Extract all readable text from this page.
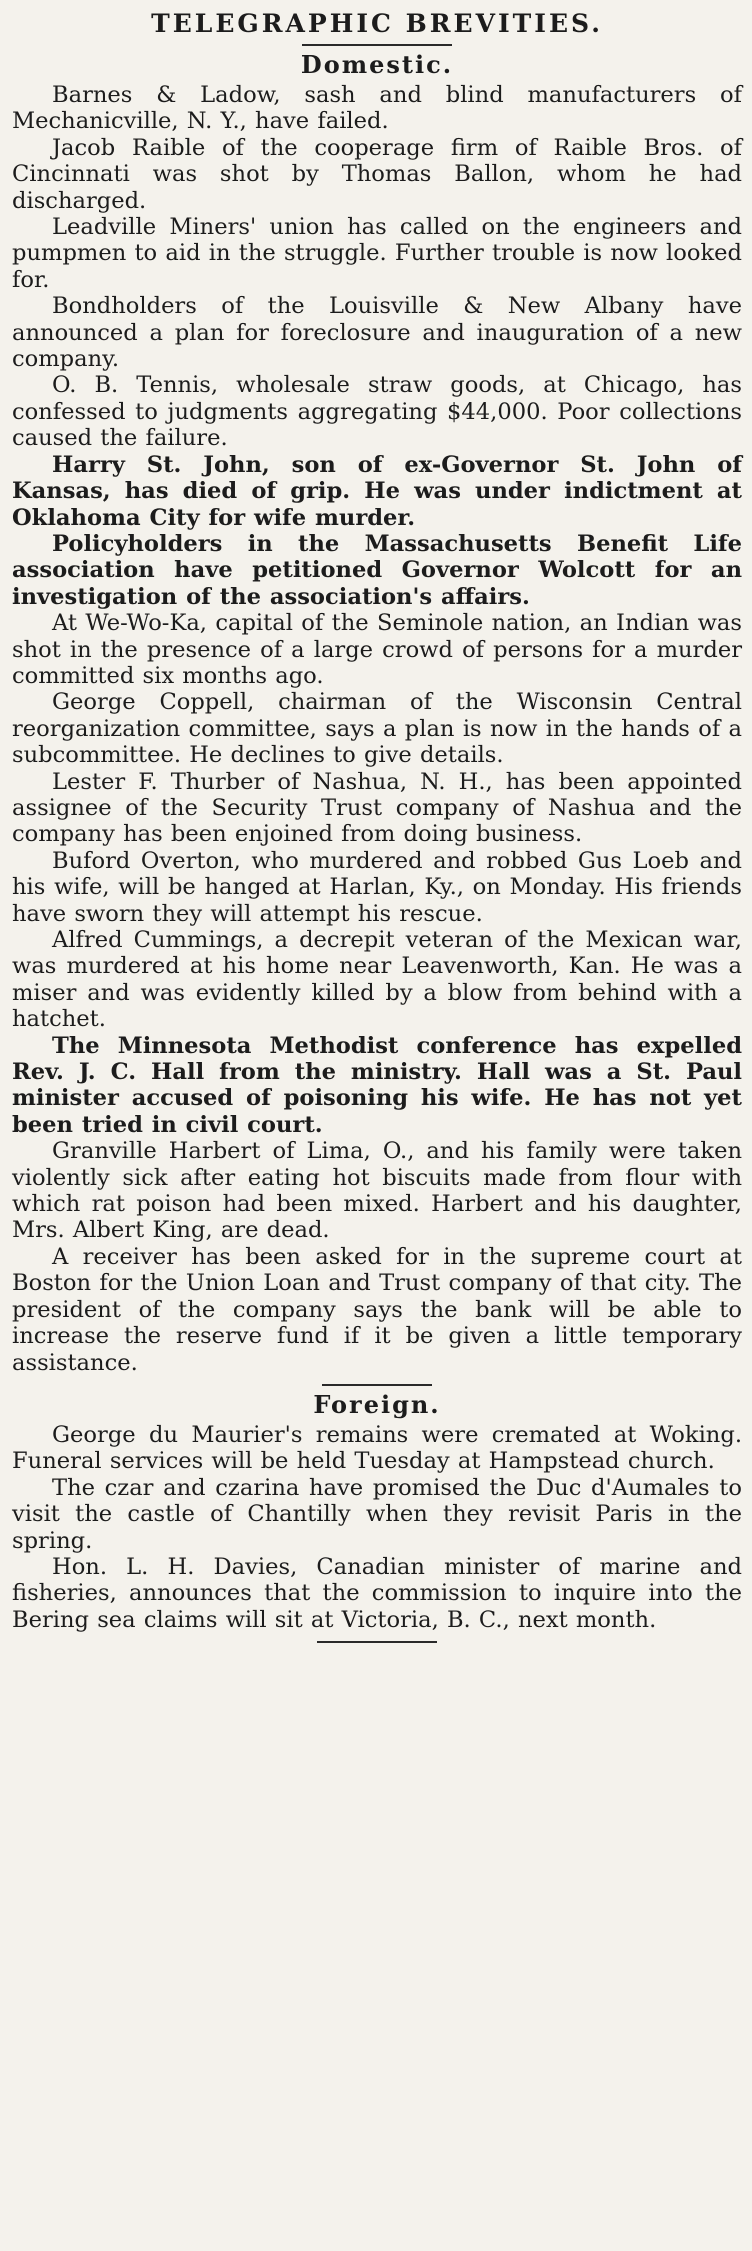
TELEGRAPHIC BREVITIES.
Domestic.

Barnes & Ladow, sash and blind manufacturers of Mechanicville, N. Y., have failed.

Jacob Raible of the cooperage firm of Raible Bros. of Cincinnati was shot by Thomas Ballon, whom he had discharged.

Leadville Miners' union has called on the engineers and pumpmen to aid in the struggle. Further trouble is now looked for.

Bondholders of the Louisville & New Albany have announced a plan for foreclosure and inauguration of a new company.

O. B. Tennis, wholesale straw goods, at Chicago, has confessed to judgments aggregating $44,000. Poor collections caused the failure.

Harry St. John, son of ex-Governor St. John of Kansas, has died of grip. He was under indictment at Oklahoma City for wife murder.

Policyholders in the Massachusetts Benefit Life association have petitioned Governor Wolcott for an investigation of the association's affairs.

At We-Wo-Ka, capital of the Seminole nation, an Indian was shot in the presence of a large crowd of persons for a murder committed six months ago.

George Coppell, chairman of the Wisconsin Central reorganization committee, says a plan is now in the hands of a subcommittee. He declines to give details.

Lester F. Thurber of Nashua, N. H., has been appointed assignee of the Security Trust company of Nashua and the company has been enjoined from doing business.

Buford Overton, who murdered and robbed Gus Loeb and his wife, will be hanged at Harlan, Ky., on Monday. His friends have sworn they will attempt his rescue.

Alfred Cummings, a decrepit veteran of the Mexican war, was murdered at his home near Leavenworth, Kan. He was a miser and was evidently killed by a blow from behind with a hatchet.

The Minnesota Methodist conference has expelled Rev. J. C. Hall from the ministry. Hall was a St. Paul minister accused of poisoning his wife. He has not yet been tried in civil court.

Granville Harbert of Lima, O., and his family were taken violently sick after eating hot biscuits made from flour with which rat poison had been mixed. Harbert and his daughter, Mrs. Albert King, are dead.

A receiver has been asked for in the supreme court at Boston for the Union Loan and Trust company of that city. The president of the company says the bank will be able to increase the reserve fund if it be given a little temporary assistance.

Foreign.

George du Maurier's remains were cremated at Woking. Funeral services will be held Tuesday at Hampstead church.

The czar and czarina have promised the Duc d'Aumales to visit the castle of Chantilly when they revisit Paris in the spring.

Hon. L. H. Davies, Canadian minister of marine and fisheries, announces that the commission to inquire into the Bering sea claims will sit at Victoria, B. C., next month.
